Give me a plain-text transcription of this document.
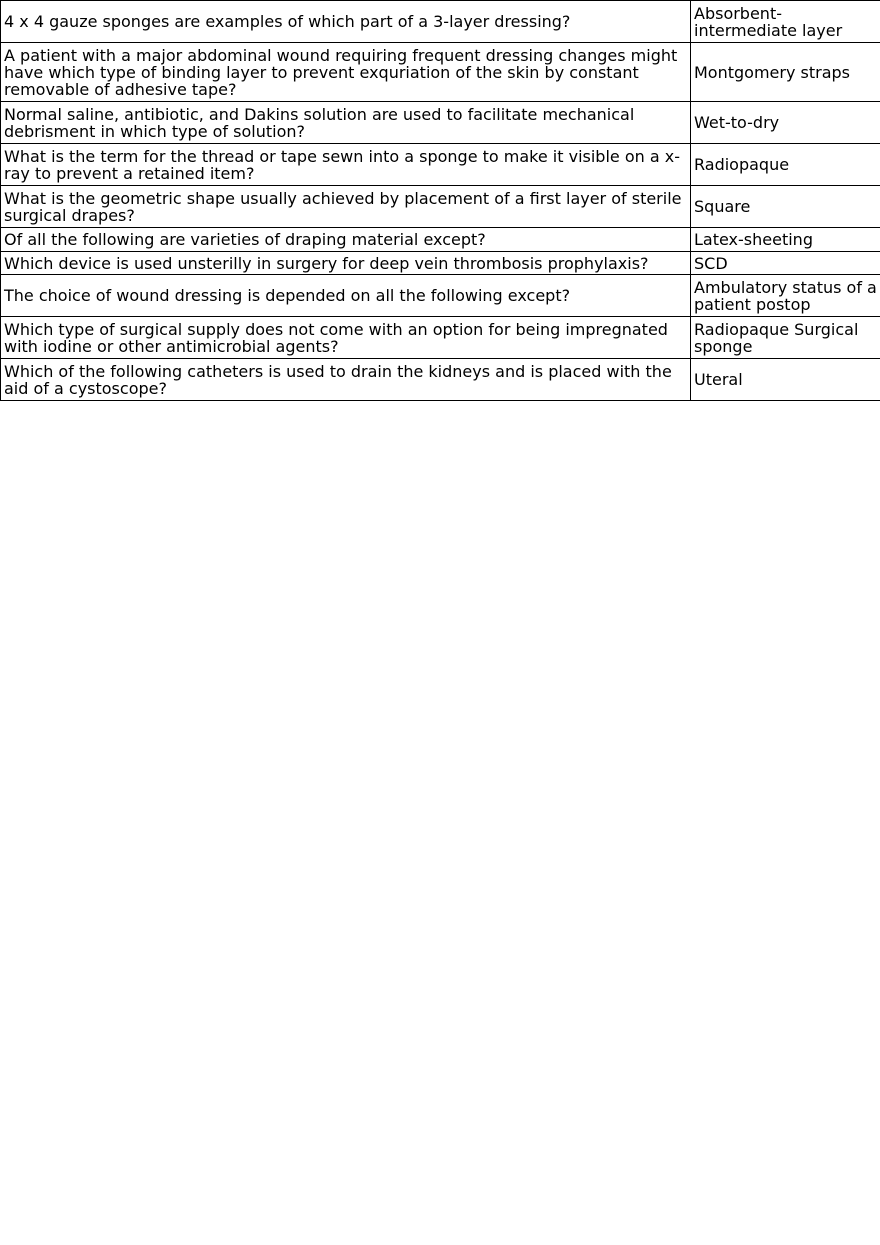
4 x 4 gauze sponges are examples of which part of a 3-layer dressing?	Absorbent-intermediate layer
A patient with a major abdominal wound requiring frequent dressing changes might have which type of binding layer to prevent exquriation of the skin by constant removable of adhesive tape?	Montgomery straps
Normal saline, antibiotic, and Dakins solution are used to facilitate mechanical debrisment in which type of solution?	Wet-to-dry
What is the term for the thread or tape sewn into a sponge to make it visible on a x-ray to prevent a retained item?	Radiopaque
What is the geometric shape usually achieved by placement of a first layer of sterile surgical drapes?	Square
Of all the following are varieties of draping material except?	Latex-sheeting
Which device is used unsterilly in surgery for deep vein thrombosis prophylaxis?	SCD
The choice of wound dressing is depended on all the following except?	Ambulatory status of a patient postop
Which type of surgical supply does not come with an option for being impregnated with iodine or other antimicrobial agents?	Radiopaque Surgical sponge
Which of the following catheters is used to drain the kidneys and is placed with the aid of a cystoscope?	Uteral
